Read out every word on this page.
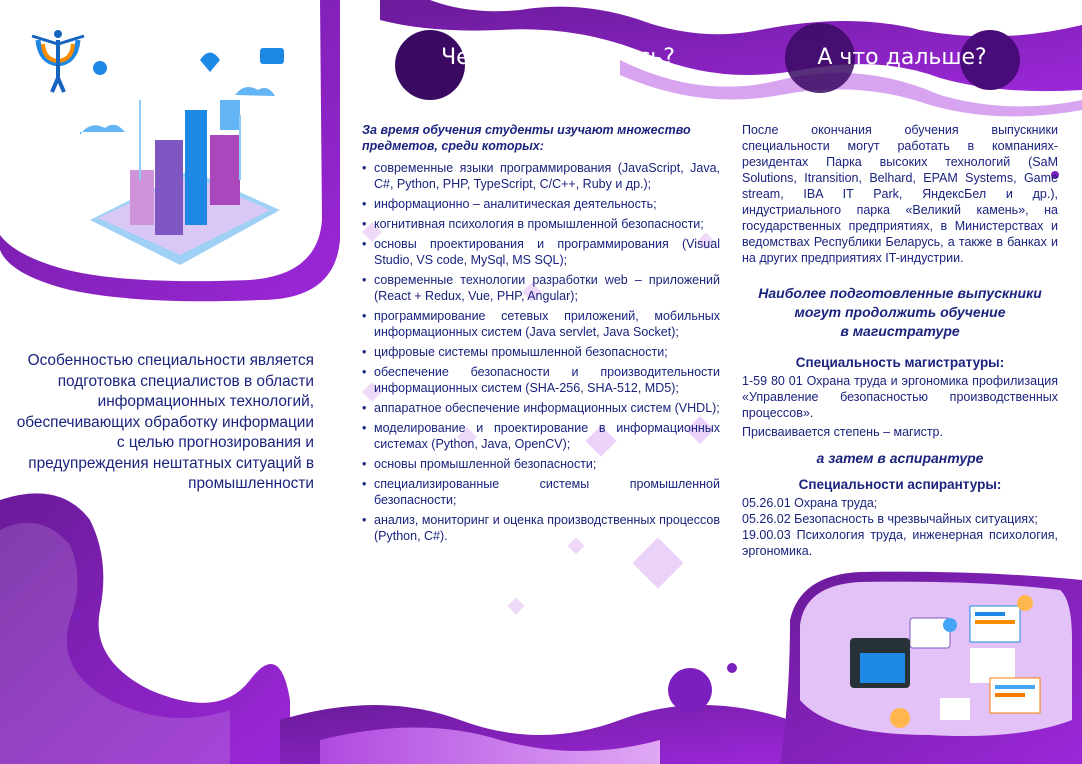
Особенностью специальности является подготовка специалистов в области информационных технологий, обеспечивающих обработку информации с целью прогнозирования и предупреждения нештатных ситуаций в промышленности
Чему вы научитесь?	А что дальше?
За время обучения студенты изучают множество предметов, среди которых:
• современные языки программирования (JavaScript, Java, C#, Python, PHP, TypeScript, C/C++, Ruby и др.);
• информационно – аналитическая деятельность;
• когнитивная психология в промышленной безопасности;
• основы проектирования и программирования (Visual Studio, VS code, MySql, MS SQL);
• современные технологии разработки web – приложений (React + Redux, Vue, PHP, Angular);
• программирование сетевых приложений, мобильных информационных систем (Java servlet, Java Socket);
• цифровые системы промышленной безопасности;
• обеспечение безопасности и производительности информационных систем (SHA-256, SHA-512, MD5);
• аппаратное обеспечение информационных систем (VHDL);
• моделирование и проектирование в информационных системах (Python, Java, OpenCV);
• основы промышленной безопасности;
• специализированные системы промышленной безопасности;
• анализ, мониторинг и оценка производственных процессов (Python, C#).
После окончания обучения выпускники специальности могут работать в компаниях-резидентах Парка высоких технологий (SaM Solutions, Itransition, Belhard, EPAM Systems, Game stream, IBA IT Park, ЯндексБел и др.), индустриального парка «Великий камень», на государственных предприятиях, в Министерствах и ведомствах Республики Беларусь, а также в банках и на других предприятиях IT-индустрии.
Наиболее подготовленные выпускники
могут продолжить обучение
в магистратуре
Специальность магистратуры:
1-59 80 01 Охрана труда и эргономика профилизация «Управление безопасностью производственных процессов».
Присваивается степень – магистр.
а затем в аспирантуре
Специальности аспирантуры:
05.26.01 Охрана труда;
05.26.02 Безопасность в чрезвычайных ситуациях;
19.00.03 Психология труда, инженерная психология, эргономика.
